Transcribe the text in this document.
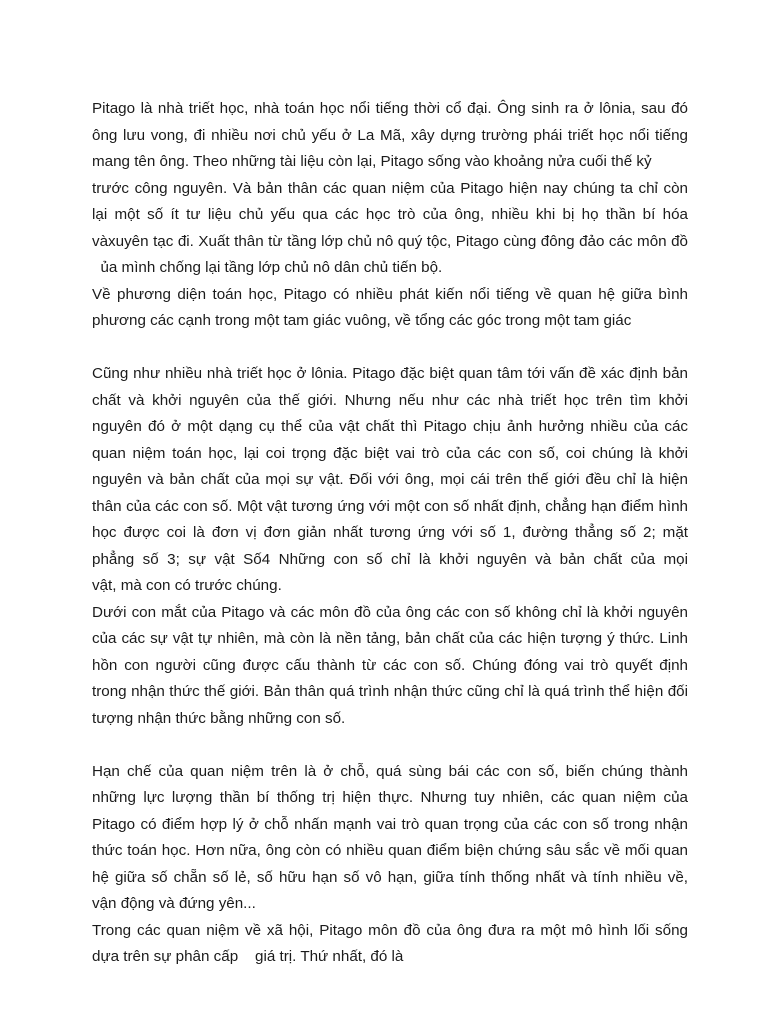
Pitago là nhà triết học, nhà toán học nổi tiếng thời cổ đại. Ông sinh ra ở lônia, sau đó
ông lưu vong, đi nhiều nơi chủ yếu ở La Mã, xây dựng trường phái triết học nổi tiếng
mang tên ông. Theo những tài liệu còn lại, Pitago sống vào khoảng nửa cuối thế kỷ
trước công nguyên. Và bản thân các quan niệm của Pitago hiện nay chúng ta chỉ còn
lại một số ít tư liệu chủ yếu qua các học trò của ông, nhiều khi bị họ thần bí hóa
vàxuyên tạc đi. Xuất thân từ tầng lớp chủ nô quý tộc, Pitago cùng đông đảo các môn đồ
ủa mình chống lại tầng lớp chủ nô dân chủ tiến bộ.
Về phương diện toán học, Pitago có nhiều phát kiến nổi tiếng về quan hệ giữa bình
phương các cạnh trong một tam giác vuông, về tổng các góc trong một tam giác
Cũng như nhiều nhà triết học ở lônia. Pitago đặc biệt quan tâm tới vấn đề xác định bản
chất và khởi nguyên của thế giới. Nhưng nếu như các nhà triết học trên tìm khởi
nguyên đó ở một dạng cụ thể của vật chất thì Pitago chịu ảnh hưởng nhiều của các
quan niệm toán học, lại coi trọng đặc biệt vai trò của các con số, coi chúng là khởi
nguyên và bản chất của mọi sự vật. Đối với ông, mọi cái trên thế giới đều chỉ là hiện
thân của các con số. Một vật tương ứng với một con số nhất định, chẳng hạn điểm hình
học được coi là đơn vị đơn giản nhất tương ứng với số 1, đường thẳng số 2; mặt
phẳng số 3; sự vật Số4 Những con số chỉ là khởi nguyên và bản chất của mọi
vật, mà con có trước chúng.
Dưới con mắt của Pitago và các môn đồ của ông các con số không chỉ là khởi nguyên
của các sự vật tự nhiên, mà còn là nền tảng, bản chất của các hiện tượng ý thức. Linh
hồn con người cũng được cấu thành từ các con số. Chúng đóng vai trò quyết định
trong nhận thức thế giới. Bản thân quá trình nhận thức cũng chỉ là quá trình thể hiện đối
tượng nhận thức bằng những con số.
Hạn chế của quan niệm trên là ở chỗ, quá sùng bái các con số, biến chúng thành
những lực lượng thần bí thống trị hiện thực. Nhưng tuy nhiên, các quan niệm của
Pitago có điểm hợp lý ở chỗ nhấn mạnh vai trò quan trọng của các con số trong nhận
thức toán học. Hơn nữa, ông còn có nhiều quan điểm biện chứng sâu sắc về mối quan
hệ giữa số chẵn số lẻ, số hữu hạn số vô hạn, giữa tính thống nhất và tính nhiều về,
vận động và đứng yên...
Trong các quan niệm về xã hội, Pitago môn đồ của ông đưa ra một mô hình lối sống
dựa trên sự phân cấp    giá trị. Thứ nhất, đó là
